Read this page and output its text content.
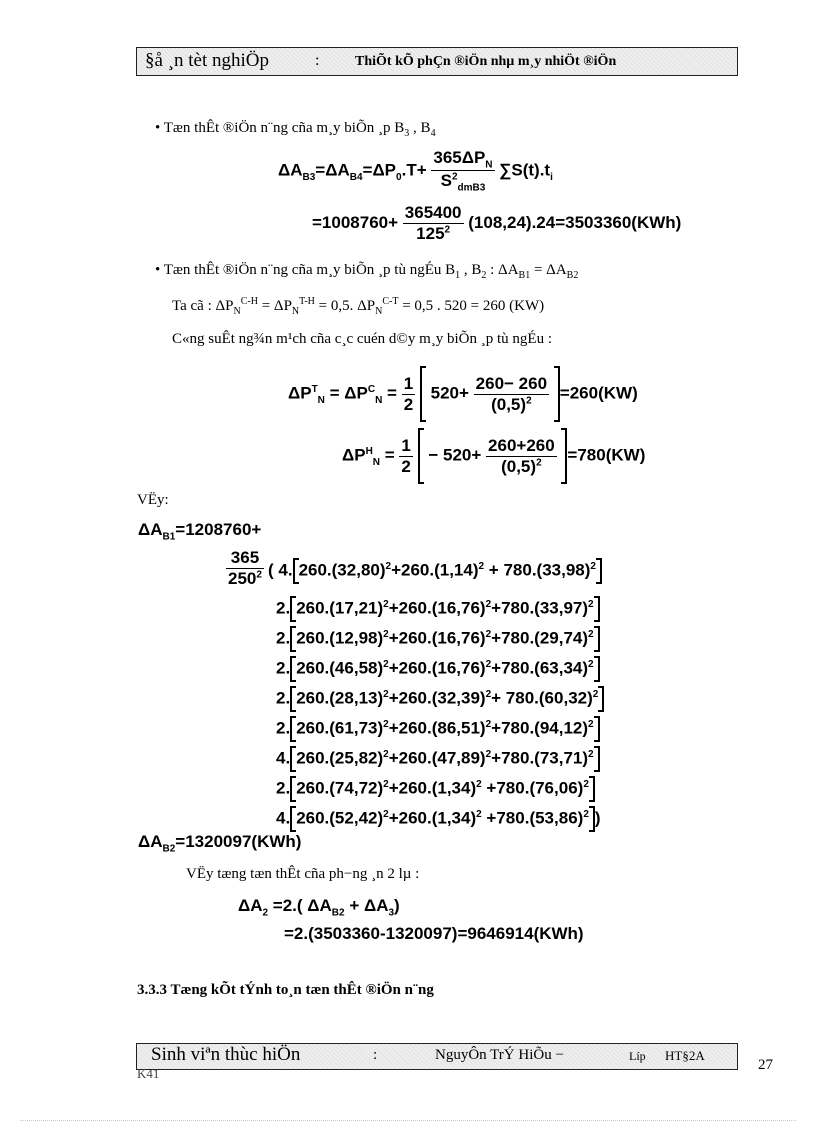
§å ¸n tèt nghiÖp	:	ThiÕt kÕ phÇn ®iÖn nhµ m¸y nhiÖt ®iÖn
• Tæn thÊt ®iÖn n¨ng cña m¸y biÕn ¸p $B_3$ , $B_4$
$\Delta A_{B3}=\Delta A_{B4}=\Delta P_0.T+$
$365\Delta P_N$
$S^2_{dmB3}$
$\sum S(t).t_i$
$=1008760+ \frac{365400}{125^2} (108,24).24=3503360(KWh)$
• Tæn thÊt ®iÖn n¨ng cña m¸y biÕn ¸p tù ngÉu $B_1$ , $B_2$ : $\Delta A_{B1} = \Delta A_{B2}$
Ta cã : $\Delta P_N^{C-H} = \Delta P_N^{T-H} = 0,5$. $\Delta P_N^{C-T} = 0,5$ . 520 = 260 (KW)
C«ng suÊt ng¾n m¹ch cña c¸c cuén d©y m¸y biÕn ¸p tù ngÉu :
$\Delta P^T_N = \Delta P^C_N = \frac{1}{2} 520+ \frac{260- 260}{(0,5)^2} =260(KW)$
$\Delta P^H_N = \frac{1}{2} - 520+ \frac{260+260}{(0,5)^2} =780(KW)$
VËy:
$\Delta A_{B1}=1208760+$
$\frac{365}{250^2}$ ( 4. $260.(32,80)^2+260.(1,14)^2 + 780.(33,98)^2$
2. $260.(17,21)^2+260.(16,76)^2+780.(33,97)^2$
2. $260.(12,98)^2+260.(16,76)^2+780.(29,74)^2$
2. $260.(46,58)^2+260.(16,76)^2+780.(63,34)^2$
2. $260.(28,13)^2+260.(32,39)^2+ 780.(60,32)^2$
2. $260.(61,73)^2+260.(86,51)^2+780.(94,12)^2$
4. $260.(25,82)^2+260.(47,89)^2+780.(73,71)^2$
2. $260.(74,72)^2+260.(1,34)^2 +780.(76,06)^2$
4. $260.(52,42)^2+260.(1,34)^2 +780.(53,86)^2$ )
$\Delta A_{B2}=1320097(KWh)$
VËy tæng tæn thÊt cña ph−ng ¸n 2 lµ :
$\Delta A_2 =2$.( $\Delta A_{B2} + \Delta A_3$)
=2.(3503360-1320097)=9646914(KWh)
3.3.3 Tæng kÕt tÝnh to¸n tæn thÊt ®iÖn n¨ng
Sinh viªn thùc hiÖn	:	NguyÔn TrÝ HiÕu −	Líp HT§2A
K41
27
